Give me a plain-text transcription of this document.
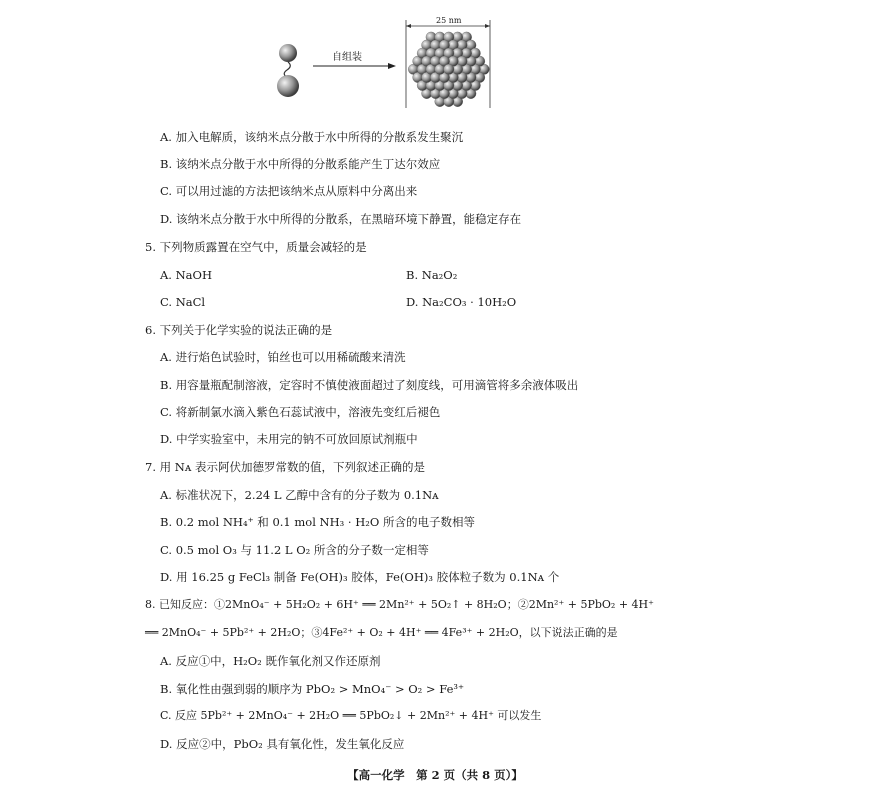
自组装
25 nm
A. 加入电解质，该纳米点分散于水中所得的分散系发生聚沉
B. 该纳米点分散于水中所得的分散系能产生丁达尔效应
C. 可以用过滤的方法把该纳米点从原料中分离出来
D. 该纳米点分散于水中所得的分散系，在黑暗环境下静置，能稳定存在
5. 下列物质露置在空气中，质量会减轻的是
A. NaOH	B. Na₂O₂
C. NaCl	D. Na₂CO₃ · 10H₂O
6. 下列关于化学实验的说法正确的是
A. 进行焰色试验时，铂丝也可以用稀硫酸来清洗
B. 用容量瓶配制溶液，定容时不慎使液面超过了刻度线，可用滴管将多余液体吸出
C. 将新制氯水滴入紫色石蕊试液中，溶液先变红后褪色
D. 中学实验室中，未用完的钠不可放回原试剂瓶中
7. 用 Nᴀ 表示阿伏加德罗常数的值，下列叙述正确的是
A. 标准状况下，2.24 L 乙醇中含有的分子数为 0.1Nᴀ
B. 0.2 mol NH₄⁺ 和 0.1 mol NH₃ · H₂O 所含的电子数相等
C. 0.5 mol O₃ 与 11.2 L O₂ 所含的分子数一定相等
D. 用 16.25 g FeCl₃ 制备 Fe(OH)₃ 胶体，Fe(OH)₃ 胶体粒子数为 0.1Nᴀ 个
8. 已知反应：①2MnO₄⁻ + 5H₂O₂ + 6H⁺ ══ 2Mn²⁺ + 5O₂↑ + 8H₂O；②2Mn²⁺ + 5PbO₂ + 4H⁺
══ 2MnO₄⁻ + 5Pb²⁺ + 2H₂O；③4Fe²⁺ + O₂ + 4H⁺ ══ 4Fe³⁺ + 2H₂O，以下说法正确的是
A. 反应①中，H₂O₂ 既作氧化剂又作还原剂
B. 氧化性由强到弱的顺序为 PbO₂ > MnO₄⁻ > O₂ > Fe³⁺
C. 反应 5Pb²⁺ + 2MnO₄⁻ + 2H₂O ══ 5PbO₂↓ + 2Mn²⁺ + 4H⁺ 可以发生
D. 反应②中，PbO₂ 具有氧化性，发生氧化反应
【高一化学　第 2 页（共 8 页）】
